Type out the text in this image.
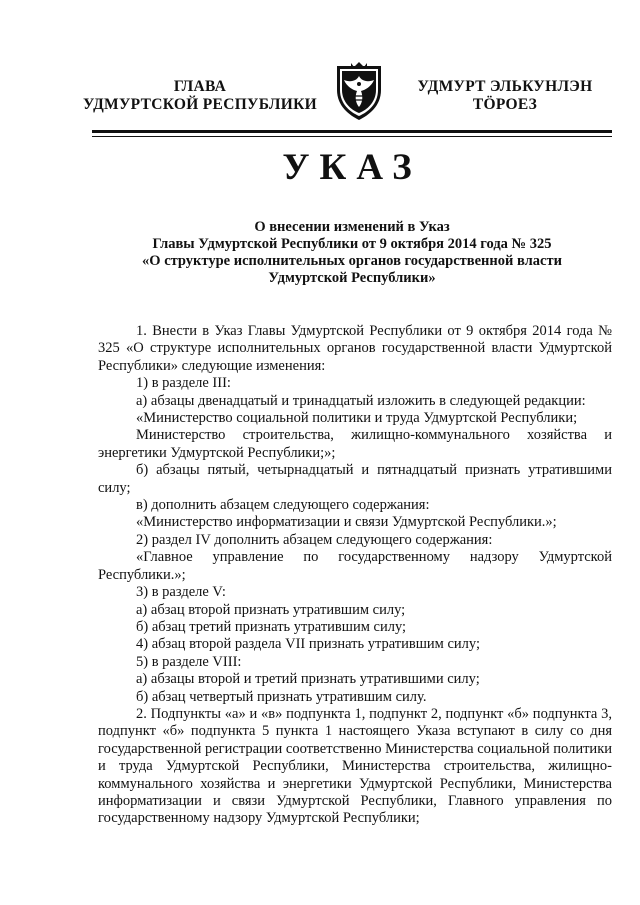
ГЛАВА
УДМУРТСКОЙ РЕСПУБЛИКИ
УДМУРТ ЭЛЬКУНЛЭН
ТӦРОЕЗ
УКАЗ
О внесении изменений в Указ
Главы Удмуртской Республики от 9 октября 2014 года № 325
«О структуре исполнительных органов государственной власти
Удмуртской Республики»

1. Внести в Указ Главы Удмуртской Республики от 9 октября 2014 года № 325 «О структуре исполнительных органов государственной власти Удмуртской Республики» следующие изменения:

1) в разделе III:

а) абзацы двенадцатый и тринадцатый изложить в следующей редакции:

«Министерство социальной политики и труда Удмуртской Республики;

Министерство строительства, жилищно-коммунального хозяйства и энергетики Удмуртской Республики;»;

б) абзацы пятый, четырнадцатый и пятнадцатый признать утратившими силу;

в) дополнить абзацем следующего содержания:

«Министерство информатизации и связи Удмуртской Республики.»;

2) раздел IV дополнить абзацем следующего содержания:

«Главное управление по государственному надзору Удмуртской Республики.»;

3) в разделе V:

а) абзац второй признать утратившим силу;

б) абзац третий признать утратившим силу;

4) абзац второй раздела VII признать утратившим силу;

5) в разделе VIII:

а) абзацы второй и третий признать утратившими силу;

б) абзац четвертый признать утратившим силу.

2. Подпункты «а» и «в» подпункта 1, подпункт 2, подпункт «б» подпункта 3, подпункт «б» подпункта 5 пункта 1 настоящего Указа вступают в силу со дня государственной регистрации соответственно Министерства социальной политики и труда Удмуртской Республики, Министерства строительства, жилищно-коммунального хозяйства и энергетики Удмуртской Республики, Министерства информатизации и связи Удмуртской Республики, Главного управления по государственному надзору Удмуртской Республики;
